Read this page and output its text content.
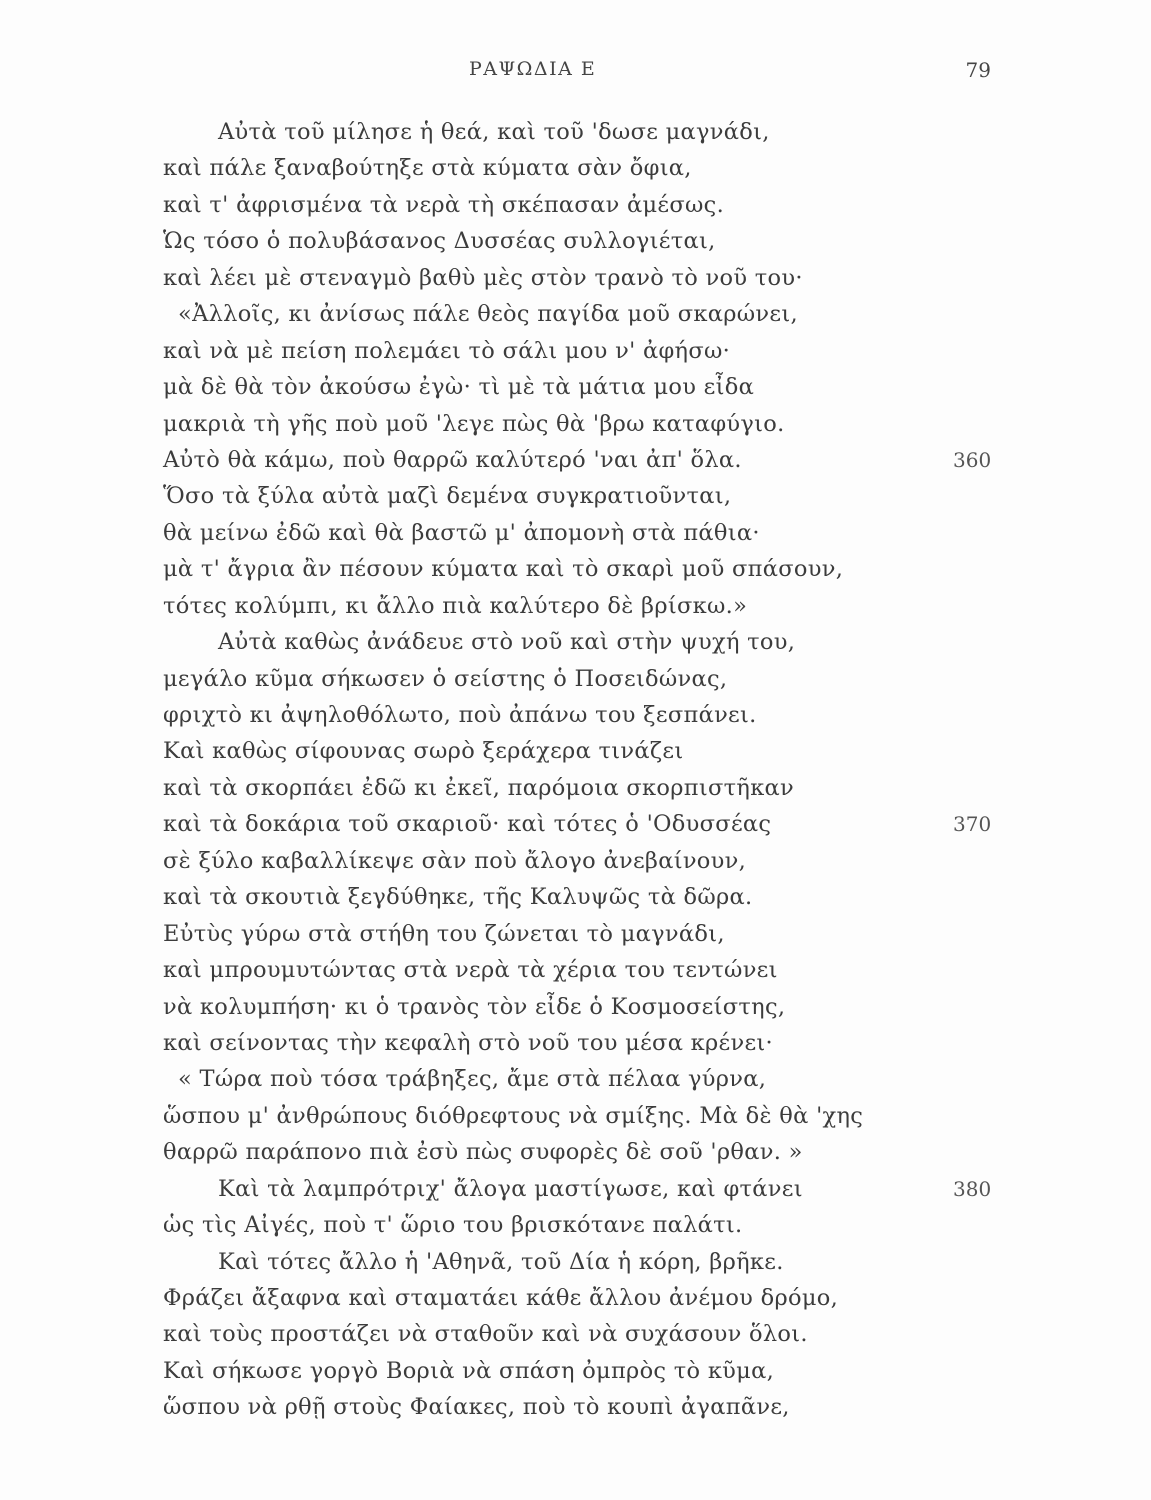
ΡΑΨΩΔΙΑ Ε	79
Αὐτὰ τοῦ μίλησε ἡ θεά, καὶ τοῦ 'δωσε μαγνάδι,
καὶ πάλε ξαναβούτηξε στὰ κύματα σὰν ὄφια,
καὶ τ' ἀφρισμένα τὰ νερὰ τὴ σκέπασαν ἀμέσως.
Ὡς τόσο ὁ πολυβάσανος Δυσσέας συλλογιέται,
καὶ λέει μὲ στεναγμὸ βαθὺ μὲς στὸν τρανὸ τὸ νοῦ του·
«Ἀλλοῖς, κι ἀνίσως πάλε θεὸς παγίδα μοῦ σκαρώνει,
καὶ νὰ μὲ πείση πολεμάει τὸ σάλι μου ν' ἀφήσω·
μὰ δὲ θὰ τὸν ἀκούσω ἐγὼ· τὶ μὲ τὰ μάτια μου εἶδα
μακριὰ τὴ γῆς ποὺ μοῦ 'λεγε πὼς θὰ 'βρω καταφύγιο.
Αὐτὸ θὰ κάμω, ποὺ θαρρῶ καλύτερό 'ναι ἀπ' ὅλα.	360
Ὅσο τὰ ξύλα αὐτὰ μαζὶ δεμένα συγκρατιοῦνται,
θὰ μείνω ἐδῶ καὶ θὰ βαστῶ μ' ἀπομονὴ στὰ πάθια·
μὰ τ' ἄγρια ἂν πέσουν κύματα καὶ τὸ σκαρὶ μοῦ σπάσουν,
τότες κολύμπι, κι ἄλλο πιὰ καλύτερο δὲ βρίσκω.»
Αὐτὰ καθὼς ἀνάδευε στὸ νοῦ καὶ στὴν ψυχή του,
μεγάλο κῦμα σήκωσεν ὁ σείστης ὁ Ποσειδώνας,
φριχτὸ κι ἀψηλοθόλωτο, ποὺ ἀπάνω του ξεσπάνει.
Καὶ καθὼς σίφουνας σωρὸ ξεράχερα τινάζει
καὶ τὰ σκορπάει ἐδῶ κι ἐκεῖ, παρόμοια σκορπιστῆκαν
καὶ τὰ δοκάρια τοῦ σκαριοῦ· καὶ τότες ὁ 'Οδυσσέας	370
σὲ ξύλο καβαλλίκεψε σὰν ποὺ ἄλογο ἀνεβαίνουν,
καὶ τὰ σκουτιὰ ξεγδύθηκε, τῆς Καλυψῶς τὰ δῶρα.
Εὐτὺς γύρω στὰ στήθη του ζώνεται τὸ μαγνάδι,
καὶ μπρουμυτώντας στὰ νερὰ τὰ χέρια του τεντώνει
νὰ κολυμπήση· κι ὁ τρανὸς τὸν εἶδε ὁ Κοσμοσείστης,
καὶ σείνοντας τὴν κεφαλὴ στὸ νοῦ του μέσα κρένει·
« Τώρα ποὺ τόσα τράβηξες, ἄμε στὰ πέλαα γύρνα,
ὥσπου μ' ἀνθρώπους διόθρεφτους νὰ σμίξης. Μὰ δὲ θὰ 'χης
θαρρῶ παράπονο πιὰ ἐσὺ πὼς συφορὲς δὲ σοῦ 'ρθαν. »
Καὶ τὰ λαμπρότριχ' ἄλογα μαστίγωσε, καὶ φτάνει	380
ὡς τὶς Αἰγές, ποὺ τ' ὥριο του βρισκότανε παλάτι.
Καὶ τότες ἄλλο ἡ 'Αθηνᾶ, τοῦ Δία ἡ κόρη, βρῆκε.
Φράζει ἄξαφνα καὶ σταματάει κάθε ἄλλου ἀνέμου δρόμο,
καὶ τοὺς προστάζει νὰ σταθοῦν καὶ νὰ συχάσουν ὅλοι.
Καὶ σήκωσε γοργὸ Βοριὰ νὰ σπάση ὀμπρὸς τὸ κῦμα,
ὥσπου νὰ ρθῇ στοὺς Φαίακες, ποὺ τὸ κουπὶ ἀγαπᾶνε,
